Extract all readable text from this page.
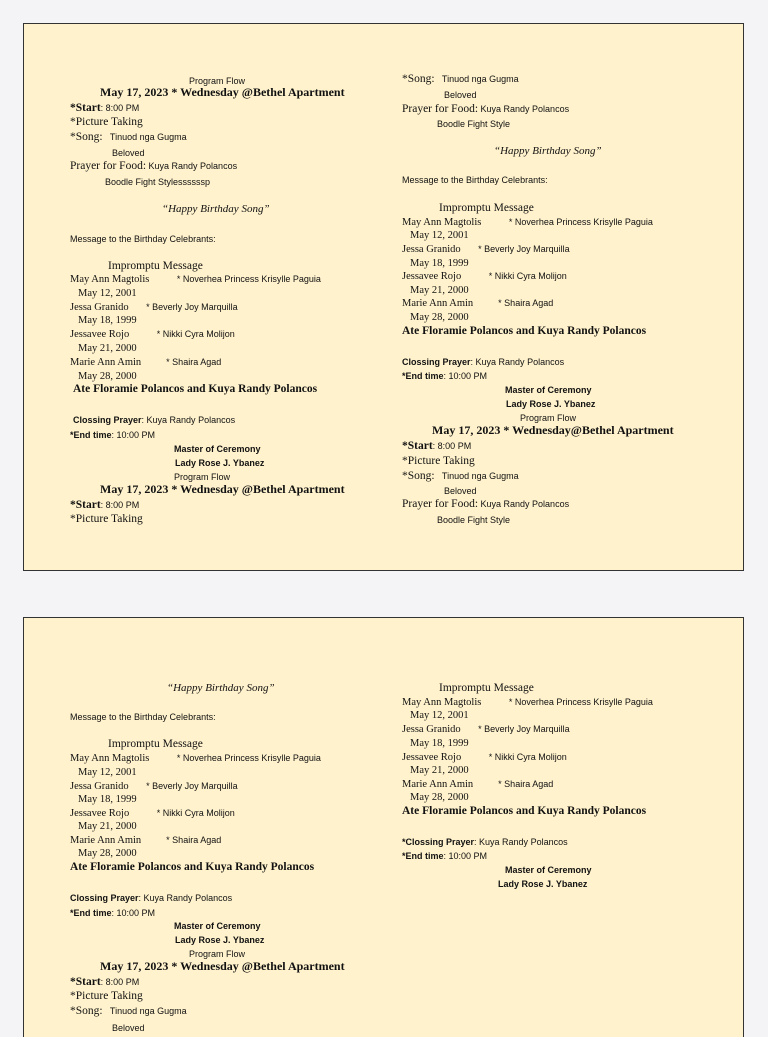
Program Flow
May 17, 2023 * Wednesday @Bethel Apartment
*Start: 8:00 PM
*Picture Taking
*Song:   Tinuod nga Gugma
Beloved
Prayer for Food: Kuya Randy Polancos
Boodle Fight Stylessssssp
“Happy Birthday Song”
Message to the Birthday Celebrants:
Impromptu Message
May Ann Magtolis           * Noverhea Princess Krisylle Paguia
May 12, 2001
Jessa Granido       * Beverly Joy Marquilla
May 18, 1999
Jessavee Rojo           * Nikki Cyra Molijon
May 21, 2000
Marie Ann Amin          * Shaira Agad
May 28, 2000
Ate Floramie Polancos and Kuya Randy Polancos
Clossing Prayer: Kuya Randy Polancos
*End time: 10:00 PM
Master of Ceremony
Lady Rose J. Ybanez
Program Flow
May 17, 2023 * Wednesday @Bethel Apartment
*Start: 8:00 PM
*Picture Taking
*Song:   Tinuod nga Gugma
Beloved
Prayer for Food: Kuya Randy Polancos
Boodle Fight Style
“Happy Birthday Song”
Message to the Birthday Celebrants:
Impromptu Message
May Ann Magtolis           * Noverhea Princess Krisylle Paguia
May 12, 2001
Jessa Granido       * Beverly Joy Marquilla
May 18, 1999
Jessavee Rojo           * Nikki Cyra Molijon
May 21, 2000
Marie Ann Amin          * Shaira Agad
May 28, 2000
Ate Floramie Polancos and Kuya Randy Polancos
Clossing Prayer: Kuya Randy Polancos
*End time: 10:00 PM
Master of Ceremony
Lady Rose J. Ybanez
Program Flow
May 17, 2023 * Wednesday@Bethel Apartment
*Start: 8:00 PM
*Picture Taking
*Song:   Tinuod nga Gugma
Beloved
Prayer for Food: Kuya Randy Polancos
Boodle Fight Style
“Happy Birthday Song”
Message to the Birthday Celebrants:
Impromptu Message
May Ann Magtolis           * Noverhea Princess Krisylle Paguia
May 12, 2001
Jessa Granido       * Beverly Joy Marquilla
May 18, 1999
Jessavee Rojo           * Nikki Cyra Molijon
May 21, 2000
Marie Ann Amin          * Shaira Agad
May 28, 2000
Ate Floramie Polancos and Kuya Randy Polancos
Clossing Prayer: Kuya Randy Polancos
*End time: 10:00 PM
Master of Ceremony
Lady Rose J. Ybanez
Program Flow
May 17, 2023 * Wednesday @Bethel Apartment
*Start: 8:00 PM
*Picture Taking
*Song:   Tinuod nga Gugma
Beloved
Impromptu Message
May Ann Magtolis           * Noverhea Princess Krisylle Paguia
May 12, 2001
Jessa Granido       * Beverly Joy Marquilla
May 18, 1999
Jessavee Rojo           * Nikki Cyra Molijon
May 21, 2000
Marie Ann Amin          * Shaira Agad
May 28, 2000
Ate Floramie Polancos and Kuya Randy Polancos
*Clossing Prayer: Kuya Randy Polancos
*End time: 10:00 PM
Master of Ceremony
Lady Rose J. Ybanez
